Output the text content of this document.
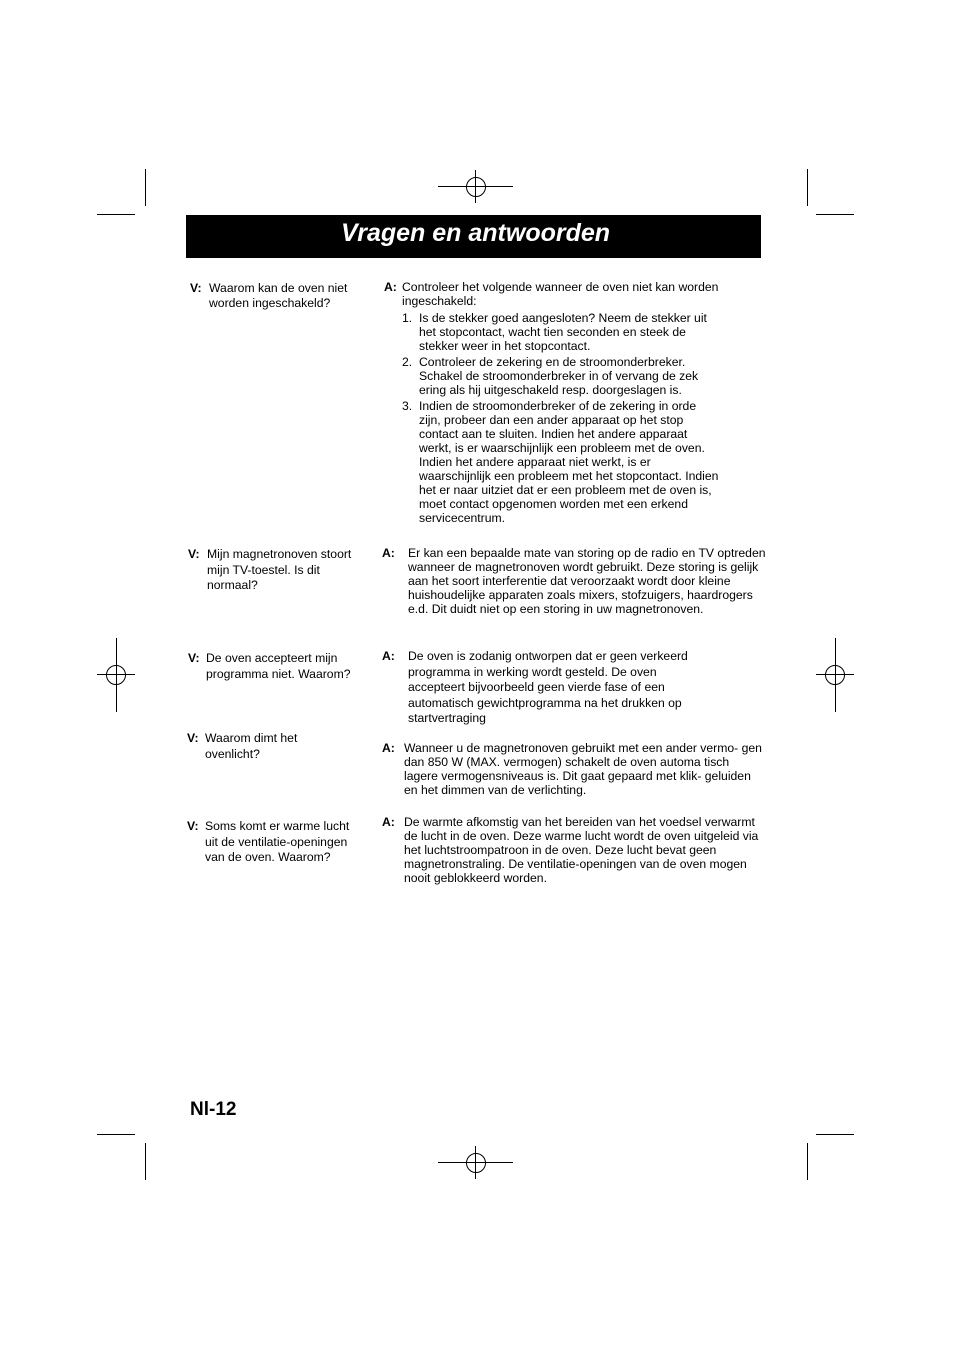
Vragen en antwoorden
V: Waarom kan de oven niet worden ingeschakeld?
A: Controleer het volgende wanneer de oven niet kan worden ingeschakeld:
1. Is de stekker goed aangesloten? Neem de stekker uit het stopcontact, wacht tien seconden en steek de stekker weer in het stopcontact.
2. Controleer de zekering en de stroomonderbreker. Schakel de stroomonderbreker in of vervang de zek ering als hij uitgeschakeld resp. doorgeslagen is.
3. Indien de stroomonderbreker of de zekering in orde zijn, probeer dan een ander apparaat op het stop contact aan te sluiten. Indien het andere apparaat werkt, is er waarschijnlijk een probleem met de oven. Indien het andere apparaat niet werkt, is er waarschijnlijk een probleem met het stopcontact. Indien het er naar uitziet dat er een probleem met de oven is, moet contact opgenomen worden met een erkend servicecentrum.
V: Mijn magnetronoven stoort mijn TV-toestel. Is dit normaal?
A: Er kan een bepaalde mate van storing op de radio en TV optreden wanneer de magnetronoven wordt gebruikt. Deze storing is gelijk aan het soort interferentie dat veroorzaakt wordt door kleine huishoudelijke apparaten zoals mixers, stofzuigers, haardrogers e.d. Dit duidt niet op een storing in uw magnetronoven.
V: De oven accepteert mijn programma niet. Waarom?
A: De oven is zodanig ontworpen dat er geen verkeerd programma in werking wordt gesteld. De oven accepteert bijvoorbeeld geen vierde fase of een automatisch gewichtprogramma na het drukken op startvertraging
V: Waarom dimt het ovenlicht?	A: Wanneer u de magnetronoven gebruikt met een ander vermo- gen dan 850 W (MAX. vermogen) schakelt de oven automa tisch lagere vermogensniveaus is. Dit gaat gepaard met klik- geluiden en het dimmen van de verlichting.
V: Soms komt er warme lucht uit de ventilatie-openingen van de oven. Waarom?
A: De warmte afkomstig van het bereiden van het voedsel verwarmt de lucht in de oven. Deze warme lucht wordt de oven uitgeleid via het luchtstroompatroon in de oven. Deze lucht bevat geen magnetronstraling. De ventilatie-openingen van de oven mogen nooit geblokkeerd worden.
Nl-12
